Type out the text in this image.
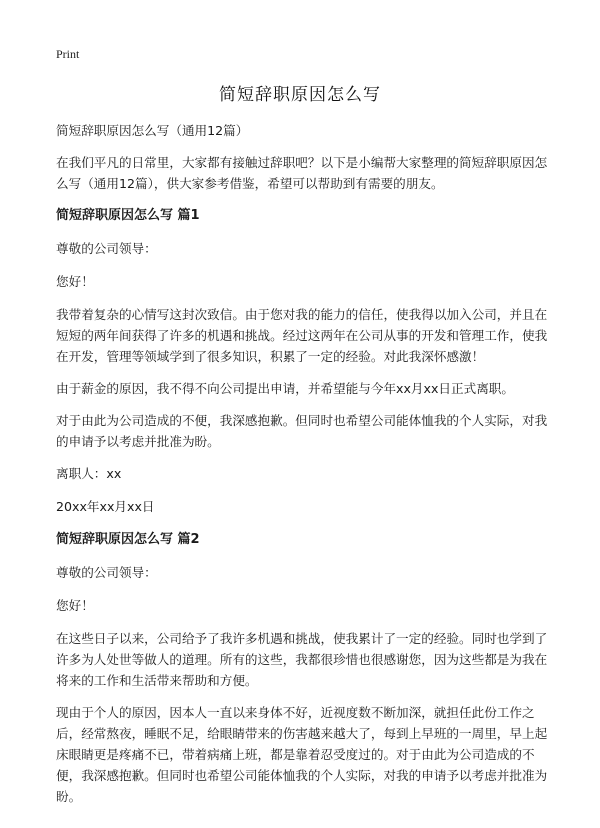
Print
简短辞职原因怎么写

简短辞职原因怎么写（通用12篇）

在我们平凡的日常里，大家都有接触过辞职吧？以下是小编帮大家整理的简短辞职原因怎么写（通用12篇），供大家参考借鉴，希望可以帮助到有需要的朋友。

简短辞职原因怎么写 篇1

尊敬的公司领导：

您好！

我带着复杂的心情写这封次致信。由于您对我的能力的信任，使我得以加入公司，并且在短短的两年间获得了许多的机遇和挑战。经过这两年在公司从事的开发和管理工作，使我在开发，管理等领域学到了很多知识，积累了一定的经验。对此我深怀感激！

由于薪金的原因，我不得不向公司提出申请，并希望能与今年xx月xx日正式离职。

对于由此为公司造成的不便，我深感抱歉。但同时也希望公司能体恤我的个人实际，对我的申请予以考虑并批准为盼。

离职人：xx

20xx年xx月xx日

简短辞职原因怎么写 篇2

尊敬的公司领导：

您好！

在这些日子以来，公司给予了我许多机遇和挑战，使我累计了一定的经验。同时也学到了许多为人处世等做人的道理。所有的这些，我都很珍惜也很感谢您，因为这些都是为我在将来的工作和生活带来帮助和方便。

现由于个人的原因，因本人一直以来身体不好，近视度数不断加深，就担任此份工作之后，经常熬夜，睡眠不足，给眼睛带来的伤害越来越大了，每到上早班的一周里，早上起床眼睛更是疼痛不已，带着病痛上班，都是靠着忍受度过的。对于由此为公司造成的不便，我深感抱歉。但同时也希望公司能体恤我的个人实际，对我的申请予以考虑并批准为盼。
